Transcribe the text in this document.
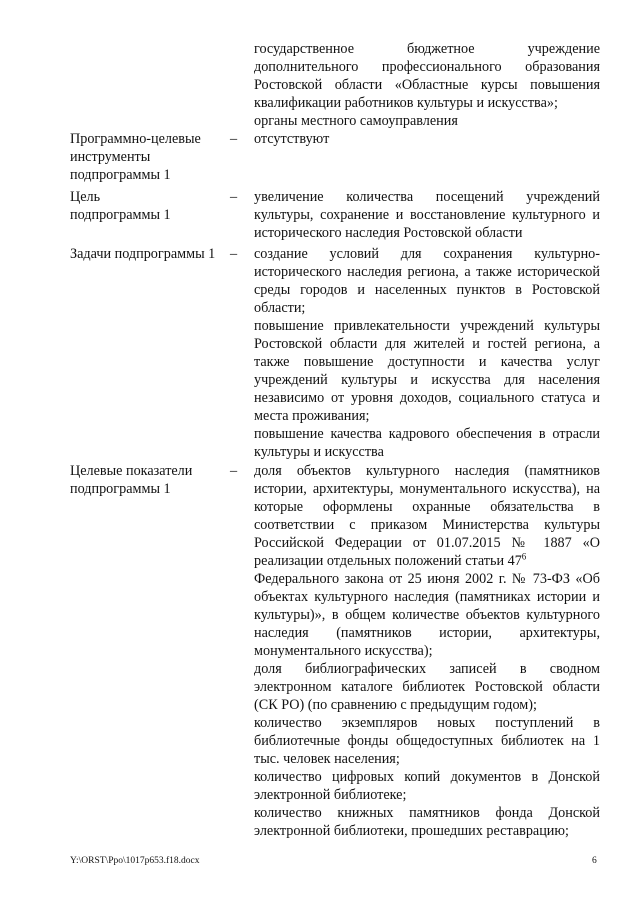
государственное бюджетное учреждение дополнительного профессионального образования Ростовской области «Областные курсы повышения квалификации работников культуры и искусства»;
органы местного самоуправления
Программно-целевые инструменты подпрограммы 1
– отсутствуют
Цель подпрограммы 1
– увеличение количества посещений учреждений культуры, сохранение и восстановление культурного и исторического наследия Ростовской области
Задачи подпрограммы 1	– создание условий для сохранения культурно-исторического наследия региона, а также исторической среды городов и населенных пунктов в Ростовской области;
повышение привлекательности учреждений культуры Ростовской области для жителей и гостей региона, а также повышение доступности и качества услуг учреждений культуры и искусства для населения независимо от уровня доходов, социального статуса и места проживания;
повышение качества кадрового обеспечения в отрасли культуры и искусства
Целевые показатели подпрограммы 1
– доля объектов культурного наследия (памятников истории, архитектуры, монументального искусства), на которые оформлены охранные обязательства в соответствии с приказом Министерства культуры Российской Федерации от 01.07.2015 № 1887 «О реализации отдельных положений статьи $47^6$
Федерального закона от 25 июня 2002 г. № 73-ФЗ «Об объектах культурного наследия (памятниках истории и культуры)», в общем количестве объектов культурного наследия (памятников истории, архитектуры, монументального искусства);
доля библиографических записей в сводном электронном каталоге библиотек Ростовской области (СК РО) (по сравнению с предыдущим годом);
количество экземпляров новых поступлений в библиотечные фонды общедоступных библиотек на 1 тыс. человек населения;
количество цифровых копий документов в Донской электронной библиотеке;
количество книжных памятников фонда Донской электронной библиотеки, прошедших реставрацию;
Y:\ORST\Ppo\1017p653.f18.docx	6
